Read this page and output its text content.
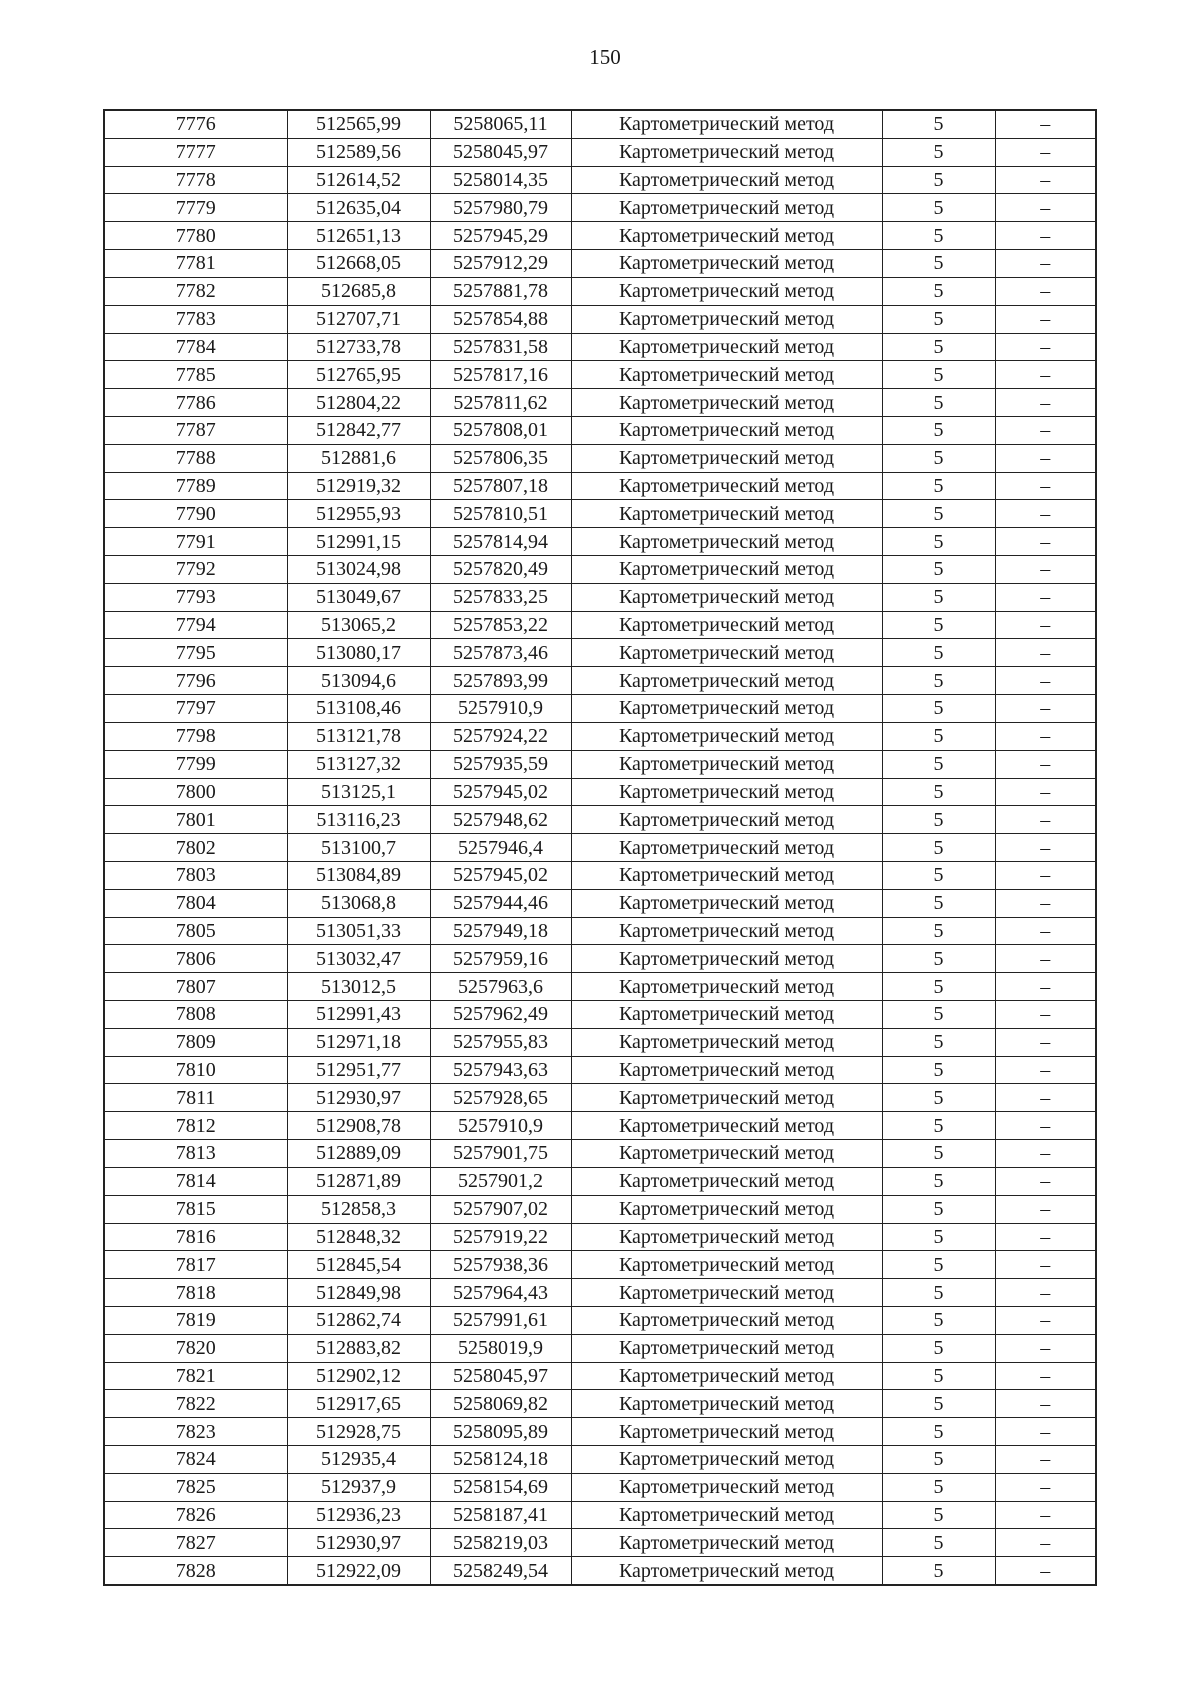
150
7776	512565,99	5258065,11	Картометрический метод	5	–
7777	512589,56	5258045,97	Картометрический метод	5	–
7778	512614,52	5258014,35	Картометрический метод	5	–
7779	512635,04	5257980,79	Картометрический метод	5	–
7780	512651,13	5257945,29	Картометрический метод	5	–
7781	512668,05	5257912,29	Картометрический метод	5	–
7782	512685,8	5257881,78	Картометрический метод	5	–
7783	512707,71	5257854,88	Картометрический метод	5	–
7784	512733,78	5257831,58	Картометрический метод	5	–
7785	512765,95	5257817,16	Картометрический метод	5	–
7786	512804,22	5257811,62	Картометрический метод	5	–
7787	512842,77	5257808,01	Картометрический метод	5	–
7788	512881,6	5257806,35	Картометрический метод	5	–
7789	512919,32	5257807,18	Картометрический метод	5	–
7790	512955,93	5257810,51	Картометрический метод	5	–
7791	512991,15	5257814,94	Картометрический метод	5	–
7792	513024,98	5257820,49	Картометрический метод	5	–
7793	513049,67	5257833,25	Картометрический метод	5	–
7794	513065,2	5257853,22	Картометрический метод	5	–
7795	513080,17	5257873,46	Картометрический метод	5	–
7796	513094,6	5257893,99	Картометрический метод	5	–
7797	513108,46	5257910,9	Картометрический метод	5	–
7798	513121,78	5257924,22	Картометрический метод	5	–
7799	513127,32	5257935,59	Картометрический метод	5	–
7800	513125,1	5257945,02	Картометрический метод	5	–
7801	513116,23	5257948,62	Картометрический метод	5	–
7802	513100,7	5257946,4	Картометрический метод	5	–
7803	513084,89	5257945,02	Картометрический метод	5	–
7804	513068,8	5257944,46	Картометрический метод	5	–
7805	513051,33	5257949,18	Картометрический метод	5	–
7806	513032,47	5257959,16	Картометрический метод	5	–
7807	513012,5	5257963,6	Картометрический метод	5	–
7808	512991,43	5257962,49	Картометрический метод	5	–
7809	512971,18	5257955,83	Картометрический метод	5	–
7810	512951,77	5257943,63	Картометрический метод	5	–
7811	512930,97	5257928,65	Картометрический метод	5	–
7812	512908,78	5257910,9	Картометрический метод	5	–
7813	512889,09	5257901,75	Картометрический метод	5	–
7814	512871,89	5257901,2	Картометрический метод	5	–
7815	512858,3	5257907,02	Картометрический метод	5	–
7816	512848,32	5257919,22	Картометрический метод	5	–
7817	512845,54	5257938,36	Картометрический метод	5	–
7818	512849,98	5257964,43	Картометрический метод	5	–
7819	512862,74	5257991,61	Картометрический метод	5	–
7820	512883,82	5258019,9	Картометрический метод	5	–
7821	512902,12	5258045,97	Картометрический метод	5	–
7822	512917,65	5258069,82	Картометрический метод	5	–
7823	512928,75	5258095,89	Картометрический метод	5	–
7824	512935,4	5258124,18	Картометрический метод	5	–
7825	512937,9	5258154,69	Картометрический метод	5	–
7826	512936,23	5258187,41	Картометрический метод	5	–
7827	512930,97	5258219,03	Картометрический метод	5	–
7828	512922,09	5258249,54	Картометрический метод	5	–
